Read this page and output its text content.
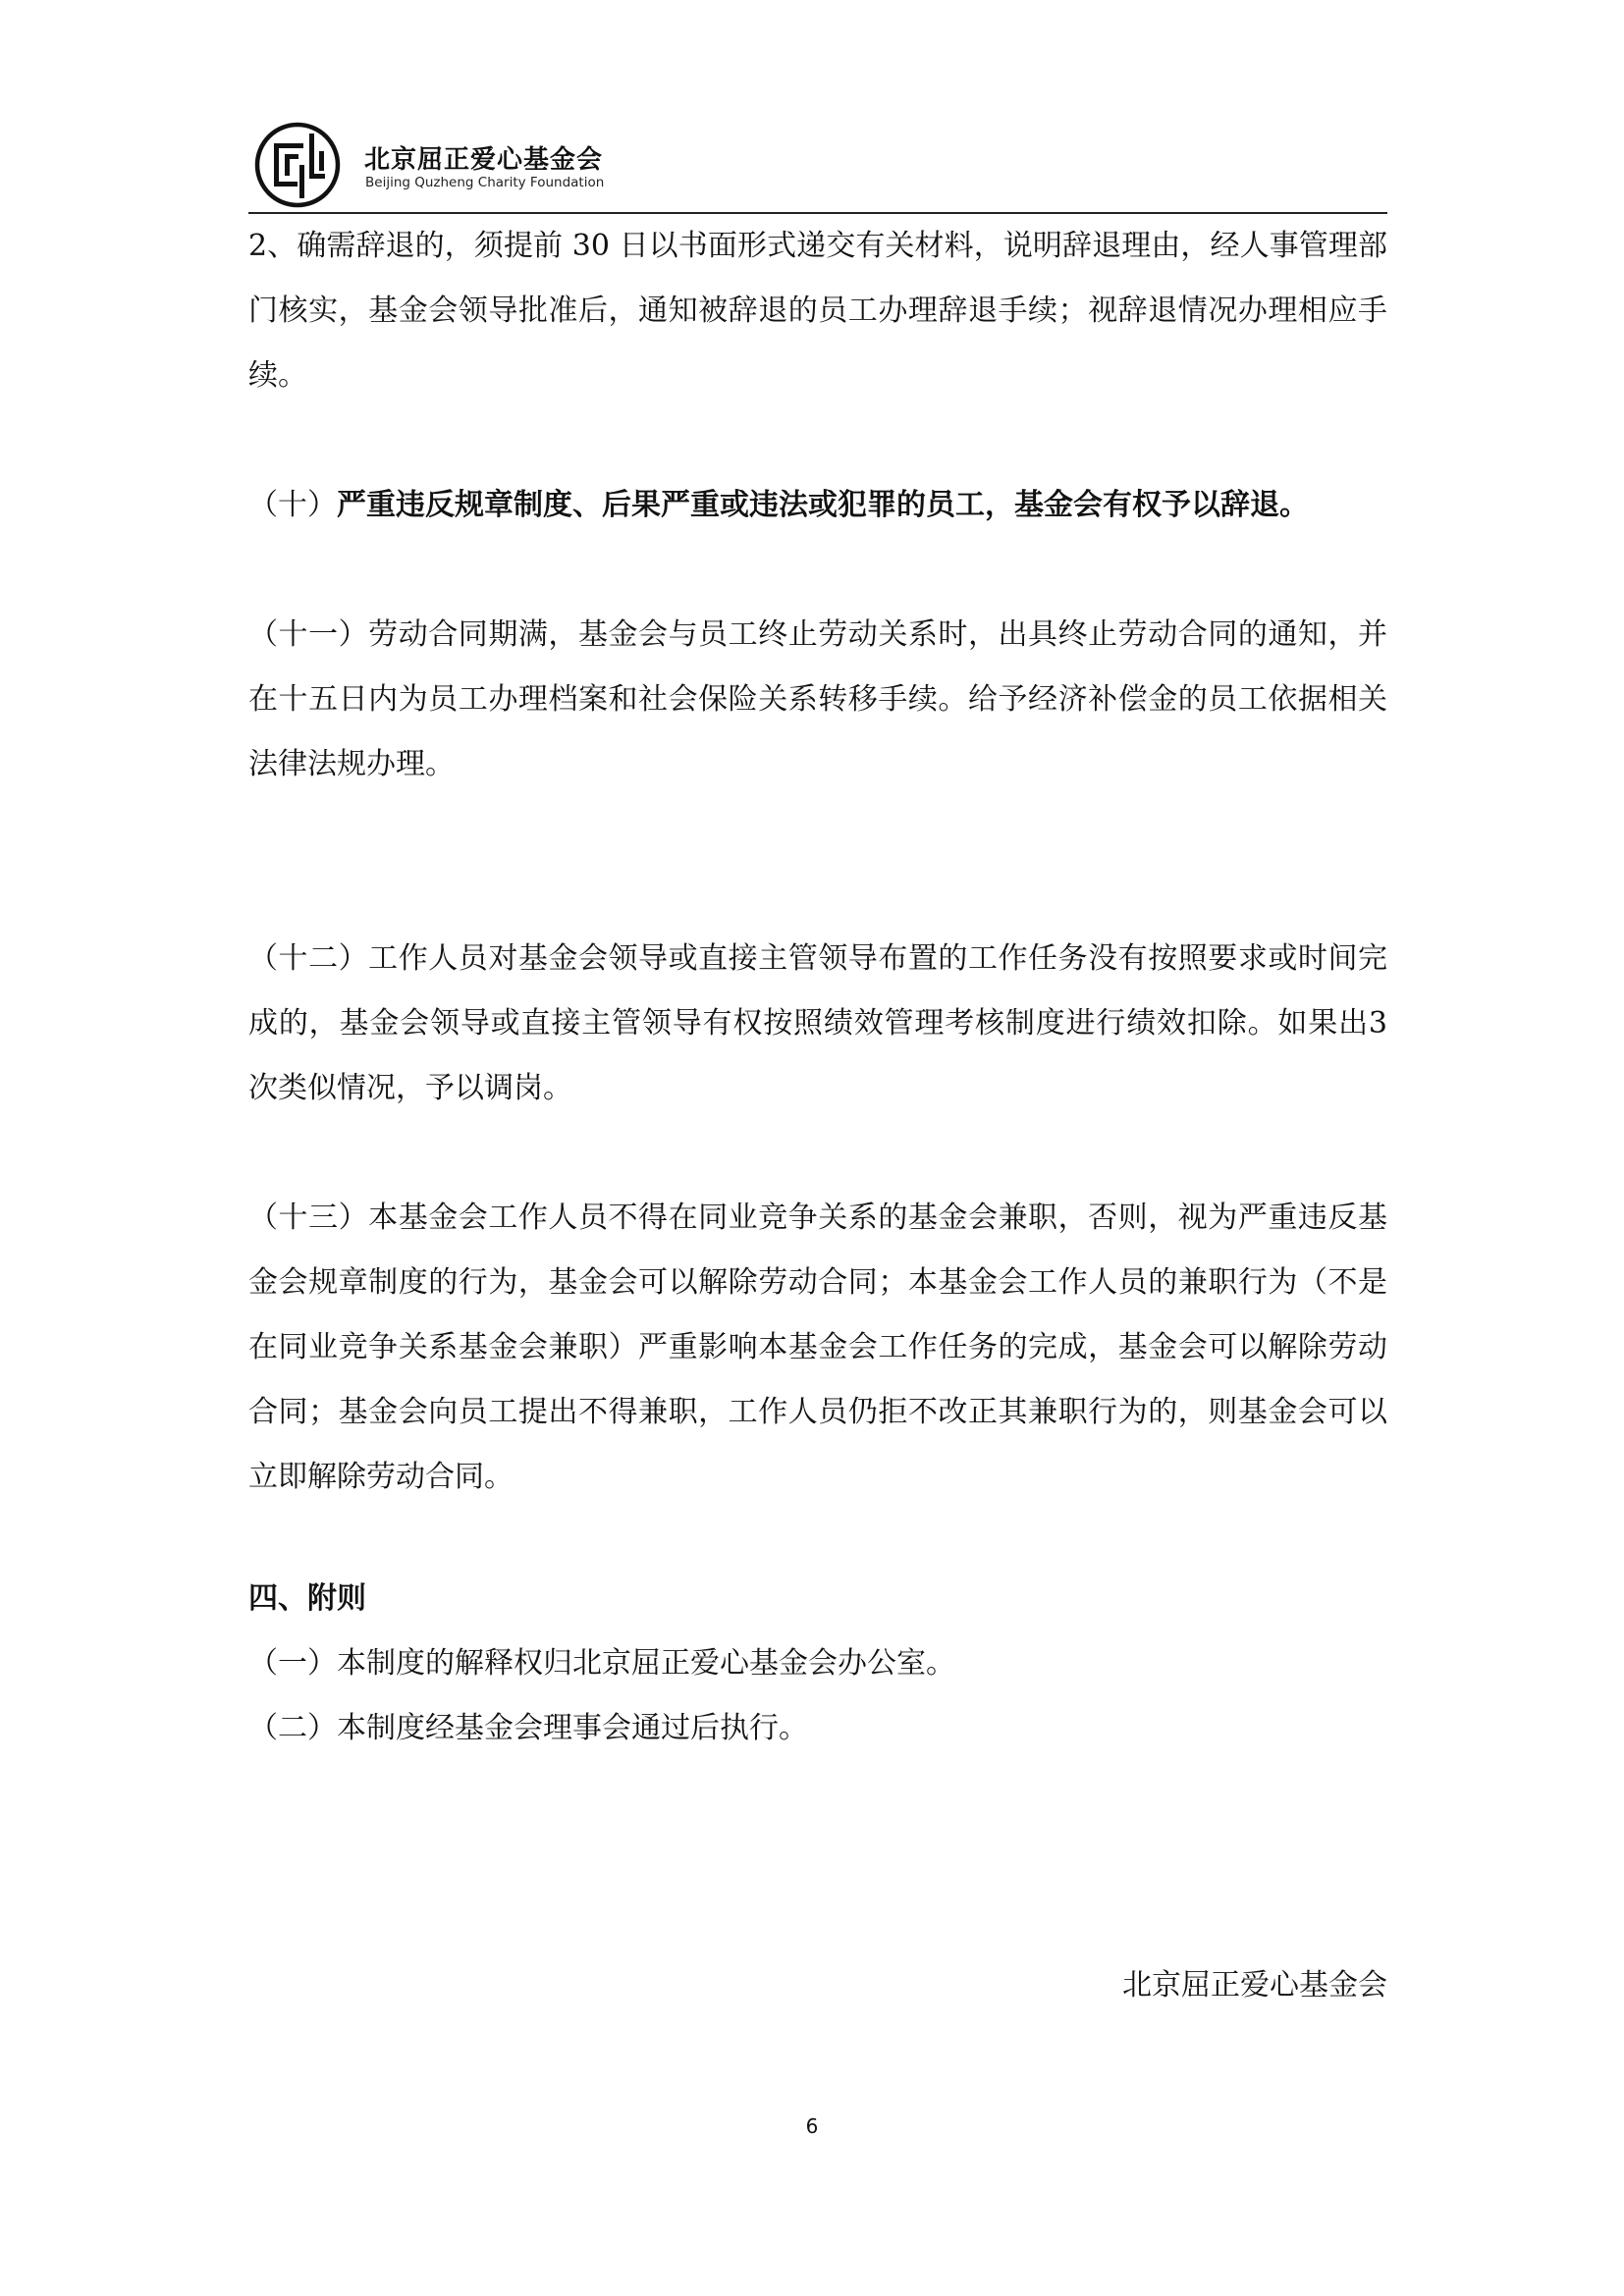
北京屈正爱心基金会
Beijing Quzheng Charity Foundation

2、确需辞退的，须提前 30 日以书面形式递交有关材料，说明辞退理由，经人事管理部门核实，基金会领导批准后，通知被辞退的员工办理辞退手续；视辞退情况办理相应手续。

（十）严重违反规章制度、后果严重或违法或犯罪的员工，基金会有权予以辞退。

（十一）劳动合同期满，基金会与员工终止劳动关系时，出具终止劳动合同的通知，并在十五日内为员工办理档案和社会保险关系转移手续。给予经济补偿金的员工依据相关法律法规办理。

（十二）工作人员对基金会领导或直接主管领导布置的工作任务没有按照要求或时间完成的，基金会领导或直接主管领导有权按照绩效管理考核制度进行绩效扣除。如果出3 次类似情况，予以调岗。

（十三）本基金会工作人员不得在同业竞争关系的基金会兼职，否则，视为严重违反基金会规章制度的行为，基金会可以解除劳动合同；本基金会工作人员的兼职行为（不是在同业竞争关系基金会兼职）严重影响本基金会工作任务的完成，基金会可以解除劳动合同；基金会向员工提出不得兼职，工作人员仍拒不改正其兼职行为的，则基金会可以立即解除劳动合同。

四、附则

（一）本制度的解释权归北京屈正爱心基金会办公室。

（二）本制度经基金会理事会通过后执行。

北京屈正爱心基金会
6
